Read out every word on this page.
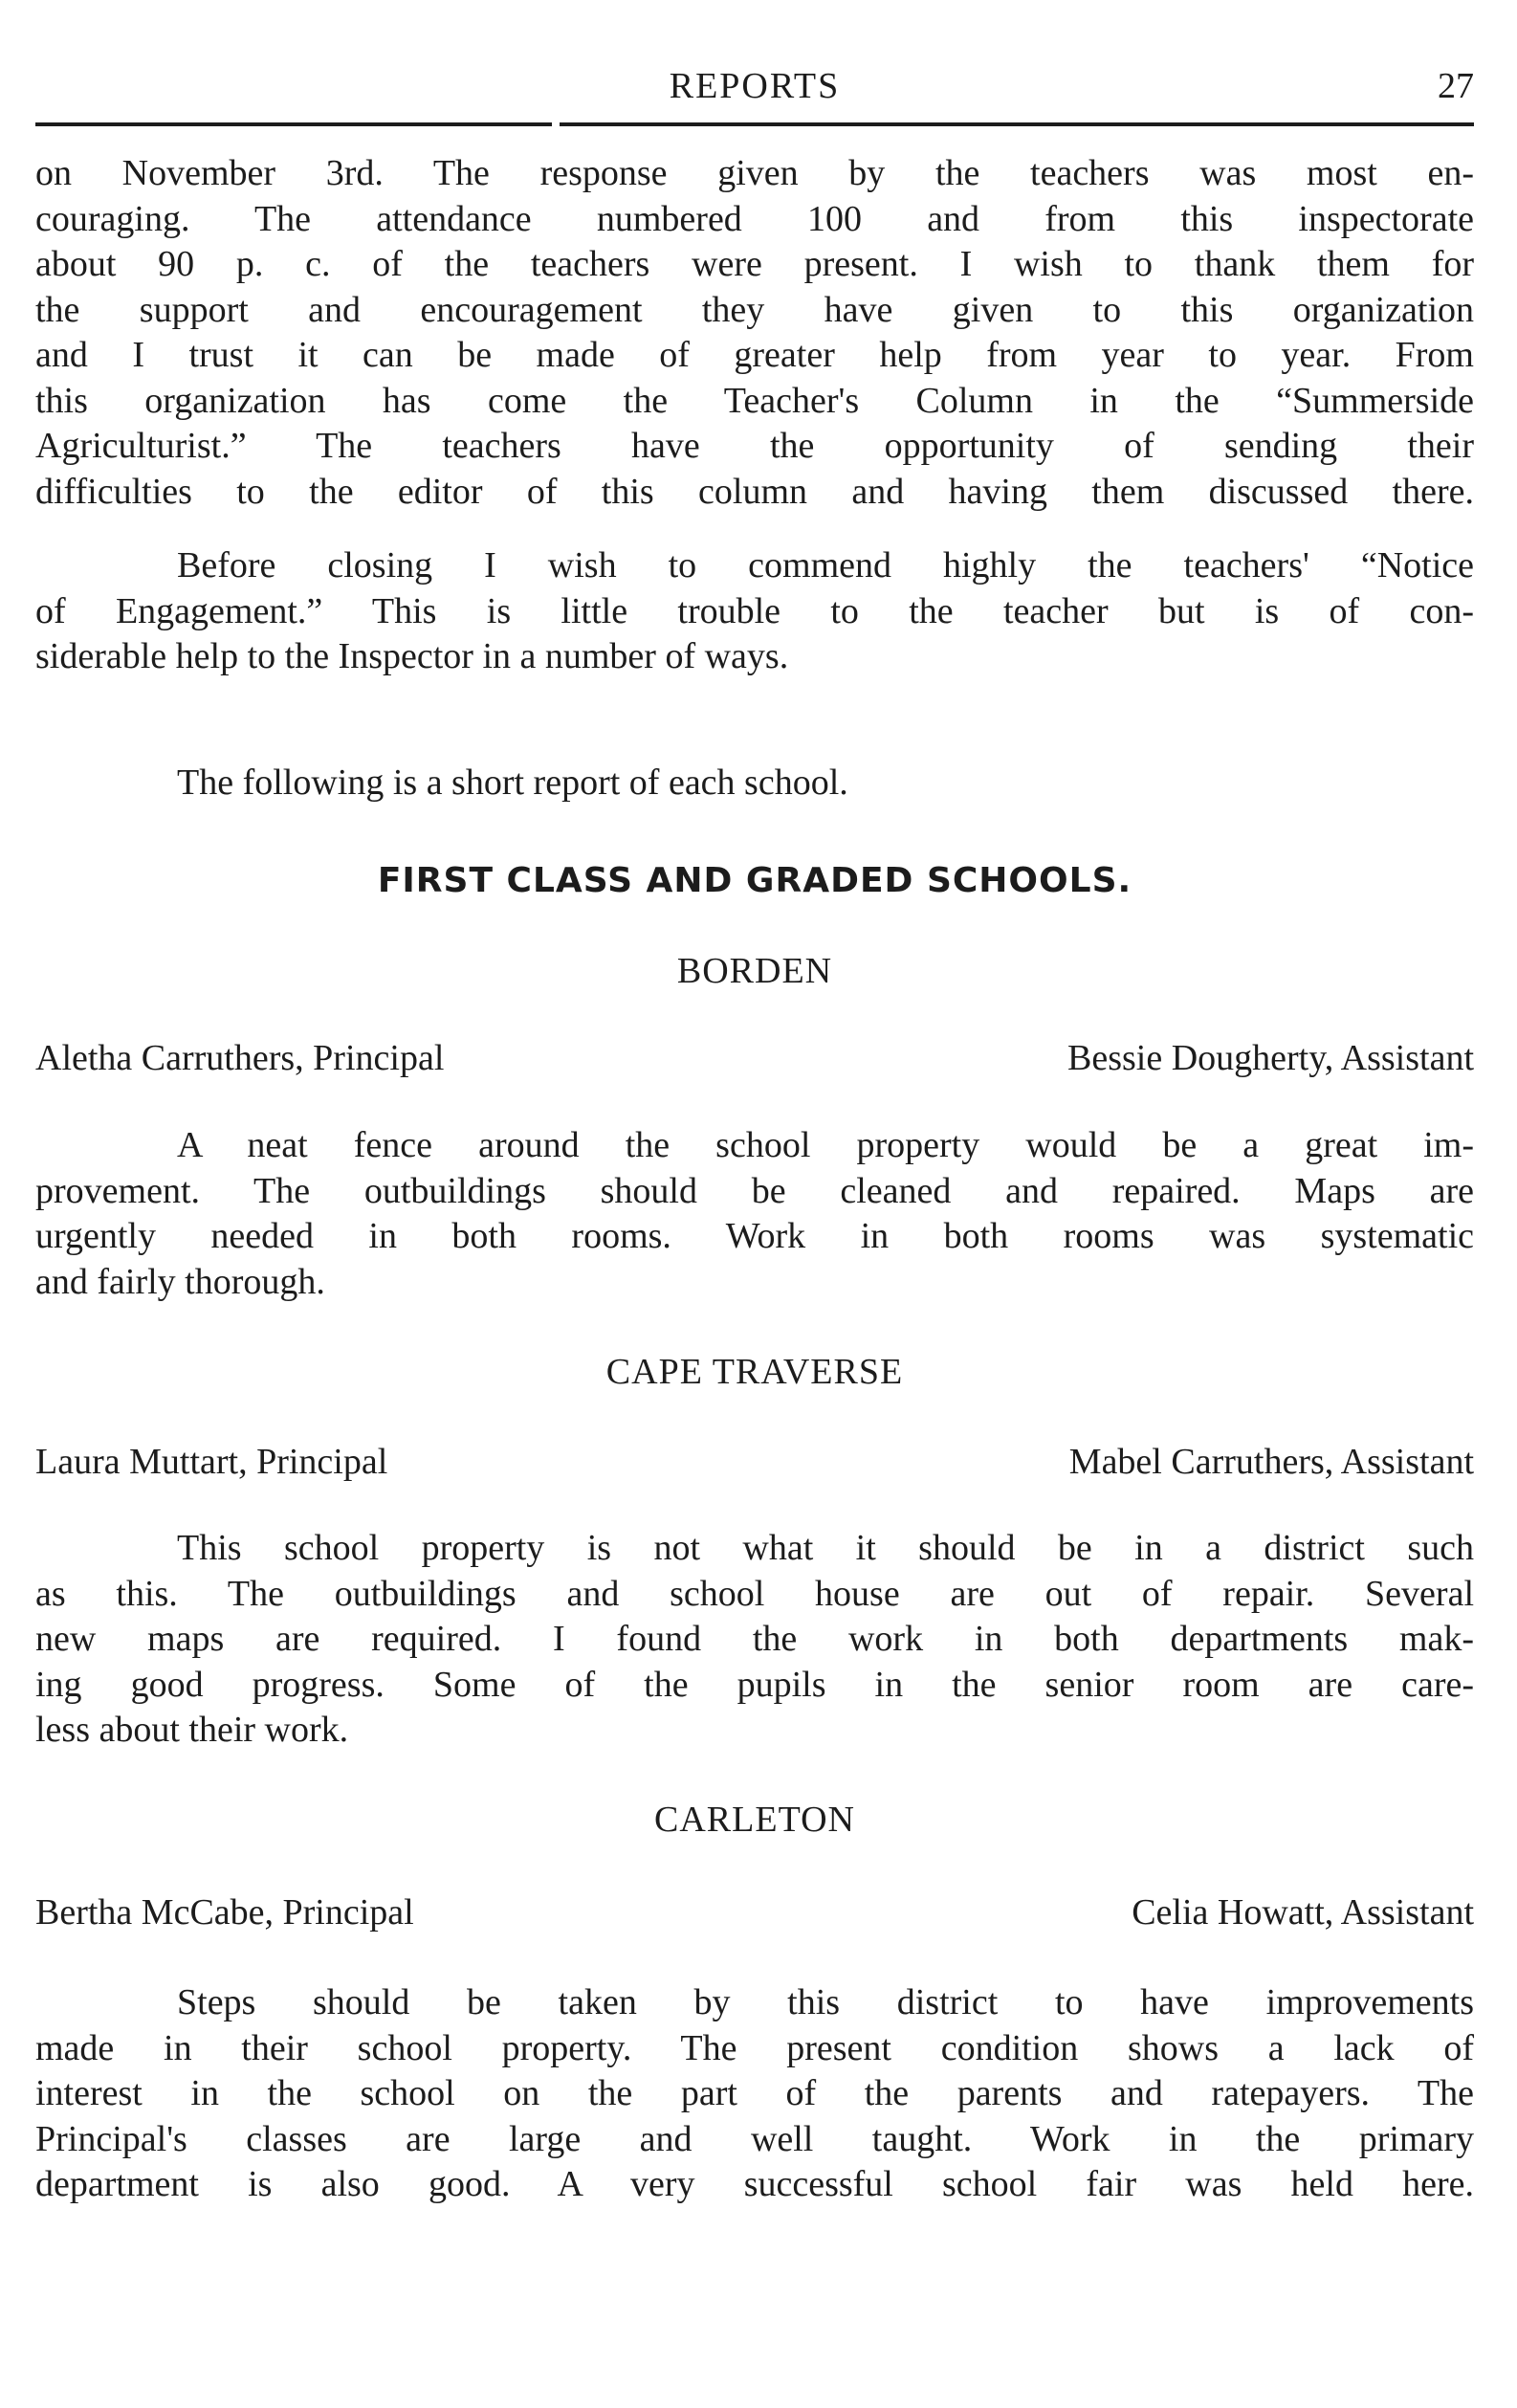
REPORTS	27
on November 3rd. The response given by the teachers was most en-
couraging. The attendance numbered 100 and from this inspectorate
about 90 p. c. of the teachers were present. I wish to thank them for
the support and encouragement they have given to this organization
and I trust it can be made of greater help from year to year. From
this organization has come the Teacher's Column in the “Summerside
Agriculturist.” The teachers have the opportunity of sending their
difficulties to the editor of this column and having them discussed there.
Before closing I wish to commend highly the teachers' “Notice
of Engagement.” This is little trouble to the teacher but is of con-
siderable help to the Inspector in a number of ways.
The following is a short report of each school.
FIRST CLASS AND GRADED SCHOOLS.
BORDEN
Aletha Carruthers, Principal	Bessie Dougherty, Assistant
A neat fence around the school property would be a great im-
provement. The outbuildings should be cleaned and repaired. Maps are
urgently needed in both rooms. Work in both rooms was systematic
and fairly thorough.
CAPE TRAVERSE
Laura Muttart, Principal	Mabel Carruthers, Assistant
This school property is not what it should be in a district such
as this. The outbuildings and school house are out of repair. Several
new maps are required. I found the work in both departments mak-
ing good progress. Some of the pupils in the senior room are care-
less about their work.
CARLETON
Bertha McCabe, Principal	Celia Howatt, Assistant
Steps should be taken by this district to have improvements
made in their school property. The present condition shows a lack of
interest in the school on the part of the parents and ratepayers. The
Principal's classes are large and well taught. Work in the primary
department is also good. A very successful school fair was held here.
